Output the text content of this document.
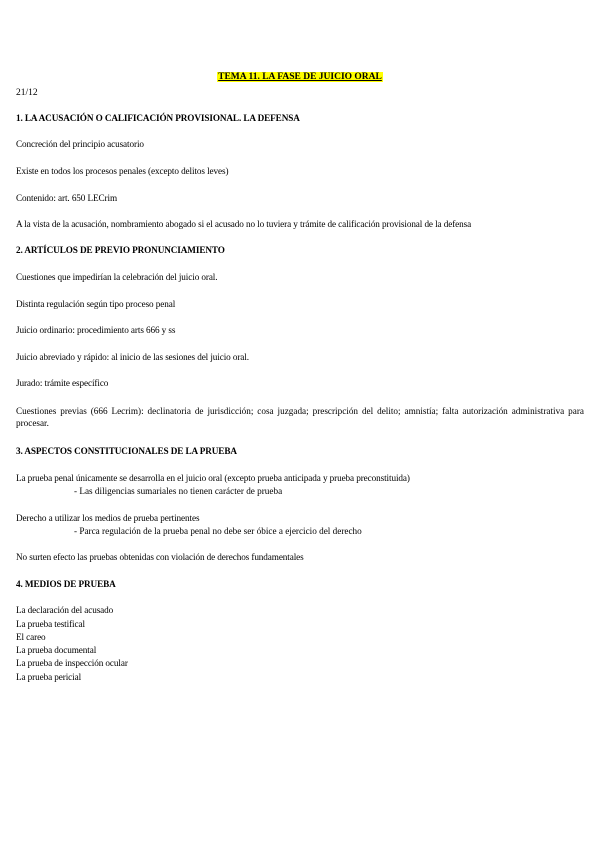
TEMA 11. LA FASE DE JUICIO ORAL
21/12
1. LA ACUSACIÓN O CALIFICACIÓN PROVISIONAL. LA DEFENSA
Concreción del principio acusatorio
Existe en todos los procesos penales (excepto delitos leves)
Contenido: art. 650 LECrim
A la vista de la acusación, nombramiento abogado si el acusado no lo tuviera y trámite de calificación provisional de la defensa
2. ARTÍCULOS DE PREVIO PRONUNCIAMIENTO
Cuestiones que impedirían la celebración del juicio oral.
Distinta regulación según tipo proceso penal
Juicio ordinario: procedimiento arts 666 y ss
Juicio abreviado y rápido: al inicio de las sesiones del juicio oral.
Jurado: trámite específico
Cuestiones previas (666 Lecrim): declinatoria de jurisdicción; cosa juzgada; prescripción del delito; amnistía; falta autorización administrativa para procesar.
3. ASPECTOS CONSTITUCIONALES DE LA PRUEBA
La prueba penal únicamente se desarrolla en el juicio oral (excepto prueba anticipada y prueba preconstituida)
- Las diligencias sumariales no tienen carácter de prueba
Derecho a utilizar los medios de prueba pertinentes
- Parca regulación de la prueba penal no debe ser óbice a ejercicio del derecho
No surten efecto las pruebas obtenidas con violación de derechos fundamentales
4. MEDIOS DE PRUEBA
La declaración del acusado
La prueba testifical
El careo
La prueba documental
La prueba de inspección ocular
La prueba pericial
